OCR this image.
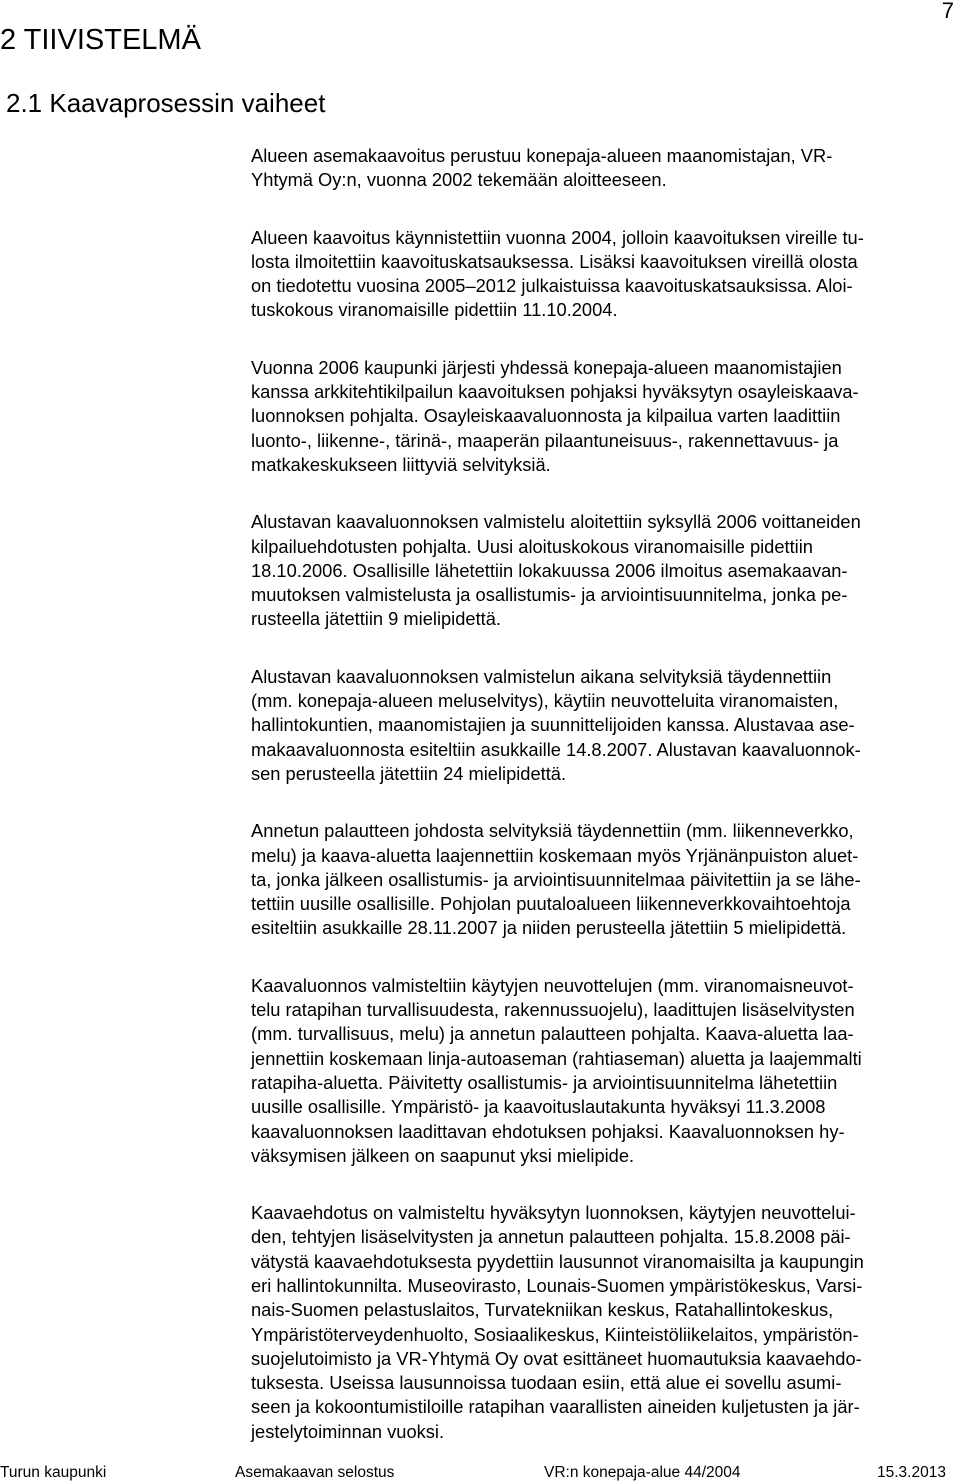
7
2 TIIVISTELMÄ
2.1 Kaavaprosessin vaiheet

Alueen asemakaavoitus perustuu konepaja-alueen maanomistajan, VR-
Yhtymä Oy:n, vuonna 2002 tekemään aloitteeseen.

Alueen kaavoitus käynnistettiin vuonna 2004, jolloin kaavoituksen vireille tu-
losta ilmoitettiin kaavoituskatsauksessa. Lisäksi kaavoituksen vireillä olosta
on tiedotettu vuosina 2005–2012 julkaistuissa kaavoituskatsauksissa. Aloi-
tuskokous viranomaisille pidettiin 11.10.2004.

Vuonna 2006 kaupunki järjesti yhdessä konepaja-alueen maanomistajien
kanssa arkkitehtikilpailun kaavoituksen pohjaksi hyväksytyn osayleiskaava-
luonnoksen pohjalta. Osayleiskaavaluonnosta ja kilpailua varten laadittiin
luonto-, liikenne-, tärinä-, maaperän pilaantuneisuus-, rakennettavuus- ja
matkakeskukseen liittyviä selvityksiä.

Alustavan kaavaluonnoksen valmistelu aloitettiin syksyllä 2006 voittaneiden
kilpailuehdotusten pohjalta. Uusi aloituskokous viranomaisille pidettiin
18.10.2006. Osallisille lähetettiin lokakuussa 2006 ilmoitus asemakaavan-
muutoksen valmistelusta ja osallistumis- ja arviointisuunnitelma, jonka pe-
rusteella jätettiin 9 mielipidettä.

Alustavan kaavaluonnoksen valmistelun aikana selvityksiä täydennettiin
(mm. konepaja-alueen meluselvitys), käytiin neuvotteluita viranomaisten,
hallintokuntien, maanomistajien ja suunnittelijoiden kanssa. Alustavaa ase-
makaavaluonnosta esiteltiin asukkaille 14.8.2007. Alustavan kaavaluonnok-
sen perusteella jätettiin 24 mielipidettä.

Annetun palautteen johdosta selvityksiä täydennettiin (mm. liikenneverkko,
melu) ja kaava-aluetta laajennettiin koskemaan myös Yrjänänpuiston aluet-
ta, jonka jälkeen osallistumis- ja arviointisuunnitelmaa päivitettiin ja se lähe-
tettiin uusille osallisille. Pohjolan puutaloalueen liikenneverkkovaihtoehtoja
esiteltiin asukkaille 28.11.2007 ja niiden perusteella jätettiin 5 mielipidettä.

Kaavaluonnos valmisteltiin käytyjen neuvottelujen (mm. viranomaisneuvot-
telu ratapihan turvallisuudesta, rakennussuojelu), laadittujen lisäselvitysten
(mm. turvallisuus, melu) ja annetun palautteen pohjalta. Kaava-aluetta laa-
jennettiin koskemaan linja-autoaseman (rahtiaseman) aluetta ja laajemmalti
ratapiha-aluetta. Päivitetty osallistumis- ja arviointisuunnitelma lähetettiin
uusille osallisille. Ympäristö- ja kaavoituslautakunta hyväksyi 11.3.2008
kaavaluonnoksen laadittavan ehdotuksen pohjaksi. Kaavaluonnoksen hy-
väksymisen jälkeen on saapunut yksi mielipide.

Kaavaehdotus on valmisteltu hyväksytyn luonnoksen, käytyjen neuvottelui-
den, tehtyjen lisäselvitysten ja annetun palautteen pohjalta. 15.8.2008 päi-
vätystä kaavaehdotuksesta pyydettiin lausunnot viranomaisilta ja kaupungin
eri hallintokunnilta. Museovirasto, Lounais-Suomen ympäristökeskus, Varsi-
nais-Suomen pelastuslaitos, Turvatekniikan keskus, Ratahallintokeskus,
Ympäristöterveydenhuolto, Sosiaalikeskus, Kiinteistöliikelaitos, ympäristön-
suojelutoimisto ja VR-Yhtymä Oy ovat esittäneet huomautuksia kaavaehdo-
tuksesta. Useissa lausunnoissa tuodaan esiin, että alue ei sovellu asumi-
seen ja kokoontumistiloille ratapihan vaarallisten aineiden kuljetusten ja jär-
jestelytoiminnan vuoksi.

Turun kaupunki	Asemakaavan selostus	VR:n konepaja-alue 44/2004	15.3.2013
